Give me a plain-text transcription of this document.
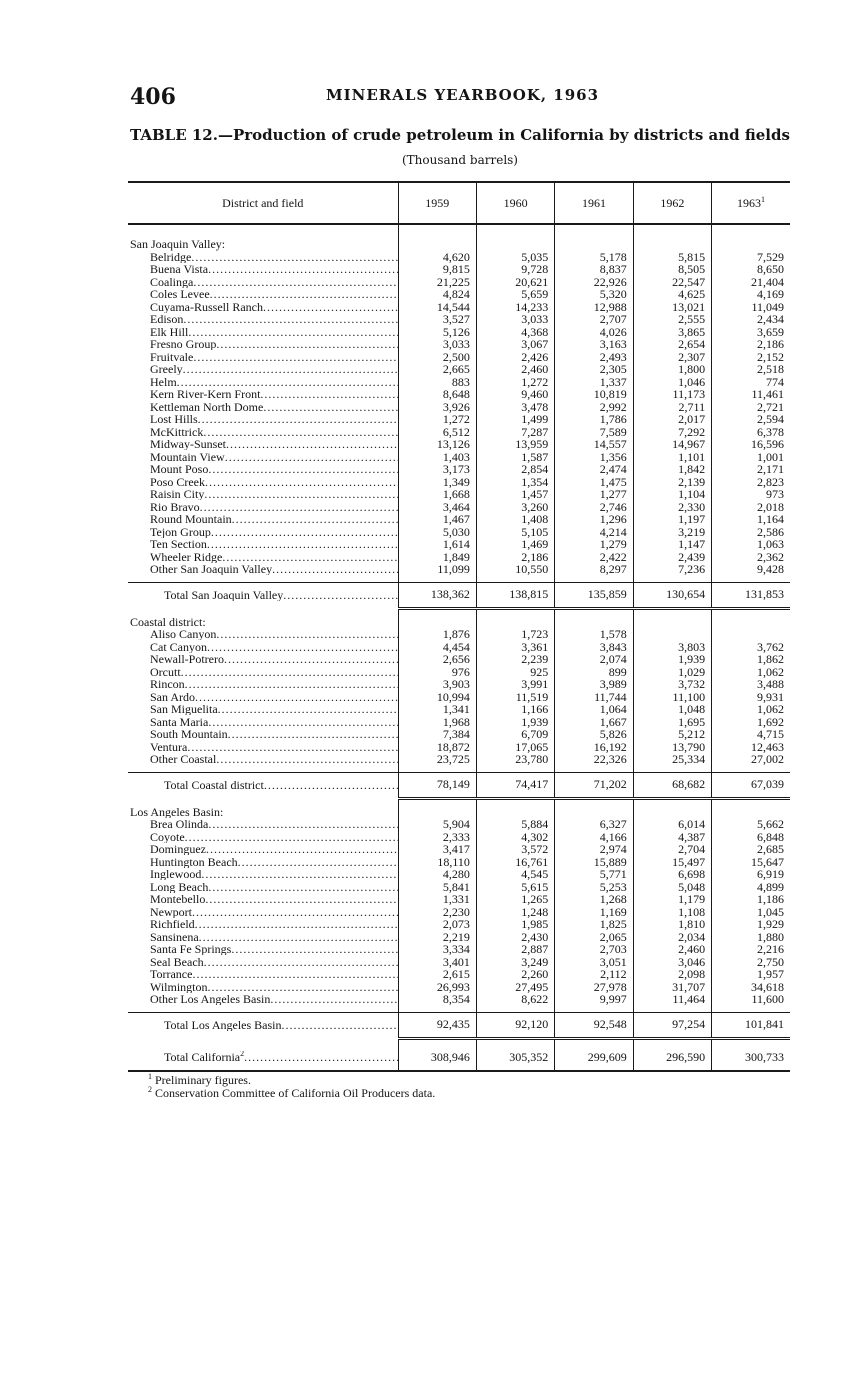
406	MINERALS YEARBOOK, 1963
TABLE 12.—Production of crude petroleum in California by districts and fields
(Thousand barrels)
District and field	1959	1960	1961	1962	1963$^1$

San Joaquin Valley:					

Belridge .....	4,620	5,035	5,178	5,815	7,529

Buena Vista .....	9,815	9,728	8,837	8,505	8,650

Coalinga .....	21,225	20,621	22,926	22,547	21,404

Coles Levee .....	4,824	5,659	5,320	4,625	4,169

Cuyama-Russell Ranch .....	14,544	14,233	12,988	13,021	11,049

Edison .....	3,527	3,033	2,707	2,555	2,434

Elk Hill .....	5,126	4,368	4,026	3,865	3,659

Fresno Group .....	3,033	3,067	3,163	2,654	2,186

Fruitvale .....	2,500	2,426	2,493	2,307	2,152

Greely .....	2,665	2,460	2,305	1,800	2,518

Helm .....	883	1,272	1,337	1,046	774

Kern River-Kern Front .....	8,648	9,460	10,819	11,173	11,461

Kettleman North Dome .....	3,926	3,478	2,992	2,711	2,721

Lost Hills .....	1,272	1,499	1,786	2,017	2,594

McKittrick .....	6,512	7,287	7,589	7,292	6,378

Midway-Sunset .....	13,126	13,959	14,557	14,967	16,596

Mountain View .....	1,403	1,587	1,356	1,101	1,001

Mount Poso .....	3,173	2,854	2,474	1,842	2,171

Poso Creek .....	1,349	1,354	1,475	2,139	2,823

Raisin City .....	1,668	1,457	1,277	1,104	973

Rio Bravo .....	3,464	3,260	2,746	2,330	2,018

Round Mountain .....	1,467	1,408	1,296	1,197	1,164

Tejon Group .....	5,030	5,105	4,214	3,219	2,586

Ten Section .....	1,614	1,469	1,279	1,147	1,063

Wheeler Ridge .....	1,849	2,186	2,422	2,439	2,362

Other San Joaquin Valley .....	11,099	10,550	8,297	7,236	9,428

Total San Joaquin Valley .....	138,362	138,815	135,859	130,654	131,853

Coastal district:					

Aliso Canyon .....	1,876	1,723	1,578		

Cat Canyon .....	4,454	3,361	3,843	3,803	3,762

Newall-Potrero .....	2,656	2,239	2,074	1,939	1,862

Orcutt .....	976	925	899	1,029	1,062

Rincon .....	3,903	3,991	3,989	3,732	3,488

San Ardo .....	10,994	11,519	11,744	11,100	9,931

San Miguelita .....	1,341	1,166	1,064	1,048	1,062

Santa Maria .....	1,968	1,939	1,667	1,695	1,692

South Mountain .....	7,384	6,709	5,826	5,212	4,715

Ventura .....	18,872	17,065	16,192	13,790	12,463

Other Coastal .....	23,725	23,780	22,326	25,334	27,002

Total Coastal district .....	78,149	74,417	71,202	68,682	67,039

Los Angeles Basin:					

Brea Olinda .....	5,904	5,884	6,327	6,014	5,662

Coyote .....	2,333	4,302	4,166	4,387	6,848

Dominguez .....	3,417	3,572	2,974	2,704	2,685

Huntington Beach .....	18,110	16,761	15,889	15,497	15,647

Inglewood .....	4,280	4,545	5,771	6,698	6,919

Long Beach .....	5,841	5,615	5,253	5,048	4,899

Montebello .....	1,331	1,265	1,268	1,179	1,186

Newport .....	2,230	1,248	1,169	1,108	1,045

Richfield .....	2,073	1,985	1,825	1,810	1,929

Sansinena .....	2,219	2,430	2,065	2,034	1,880

Santa Fe Springs .....	3,334	2,887	2,703	2,460	2,216

Seal Beach .....	3,401	3,249	3,051	3,046	2,750

Torrance .....	2,615	2,260	2,112	2,098	1,957

Wilmington .....	26,993	27,495	27,978	31,707	34,618

Other Los Angeles Basin .....	8,354	8,622	9,997	11,464	11,600

Total Los Angeles Basin .....	92,435	92,120	92,548	97,254	101,841

Total California$^2$ .....	308,946	305,352	299,609	296,590	300,733
$^1$ Preliminary figures.
$^2$ Conservation Committee of California Oil Producers data.
